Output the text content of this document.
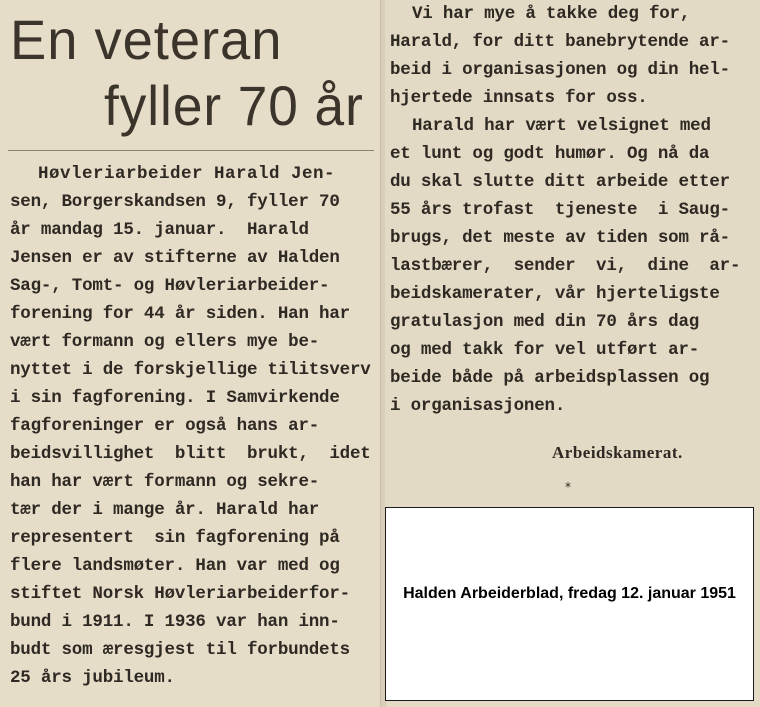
En veteran
fyller 70 år
Høvleriarbeider Harald Jen-
sen, Borgerskandsen 9, fyller 70
år mandag 15. januar.  Harald
Jensen er av stifterne av Halden
Sag-, Tomt- og Høvleriarbeider-
forening for 44 år siden. Han har
vært formann og ellers mye be-
nyttet i de forskjellige tilitsverv
i sin fagforening. I Samvirkende
fagforeninger er også hans ar-
beidsvillighet  blitt  brukt,  idet
han har vært formann og sekre-
tær der i mange år. Harald har
representert  sin fagforening på
flere landsmøter. Han var med og
stiftet Norsk Høvleriarbeiderfor-
bund i 1911. I 1936 var han inn-
budt som æresgjest til forbundets
25 års jubileum.
Vi har mye å takke deg for,
Harald, for ditt banebrytende ar-
beid i organisasjonen og din hel-
hjertede innsats for oss.
Harald har vært velsignet med
et lunt og godt humør. Og nå da
du skal slutte ditt arbeide etter
55 års trofast  tjeneste  i Saug-
brugs, det meste av tiden som rå-
lastbærer,  sender  vi,  dine  ar-
beidskamerater, vår hjerteligste
gratulasjon med din 70 års dag
og med takk for vel utført ar-
beide både på arbeidsplassen og
i organisasjonen.
Arbeidskamerat.
*
Halden Arbeiderblad, fredag 12. januar 1951
